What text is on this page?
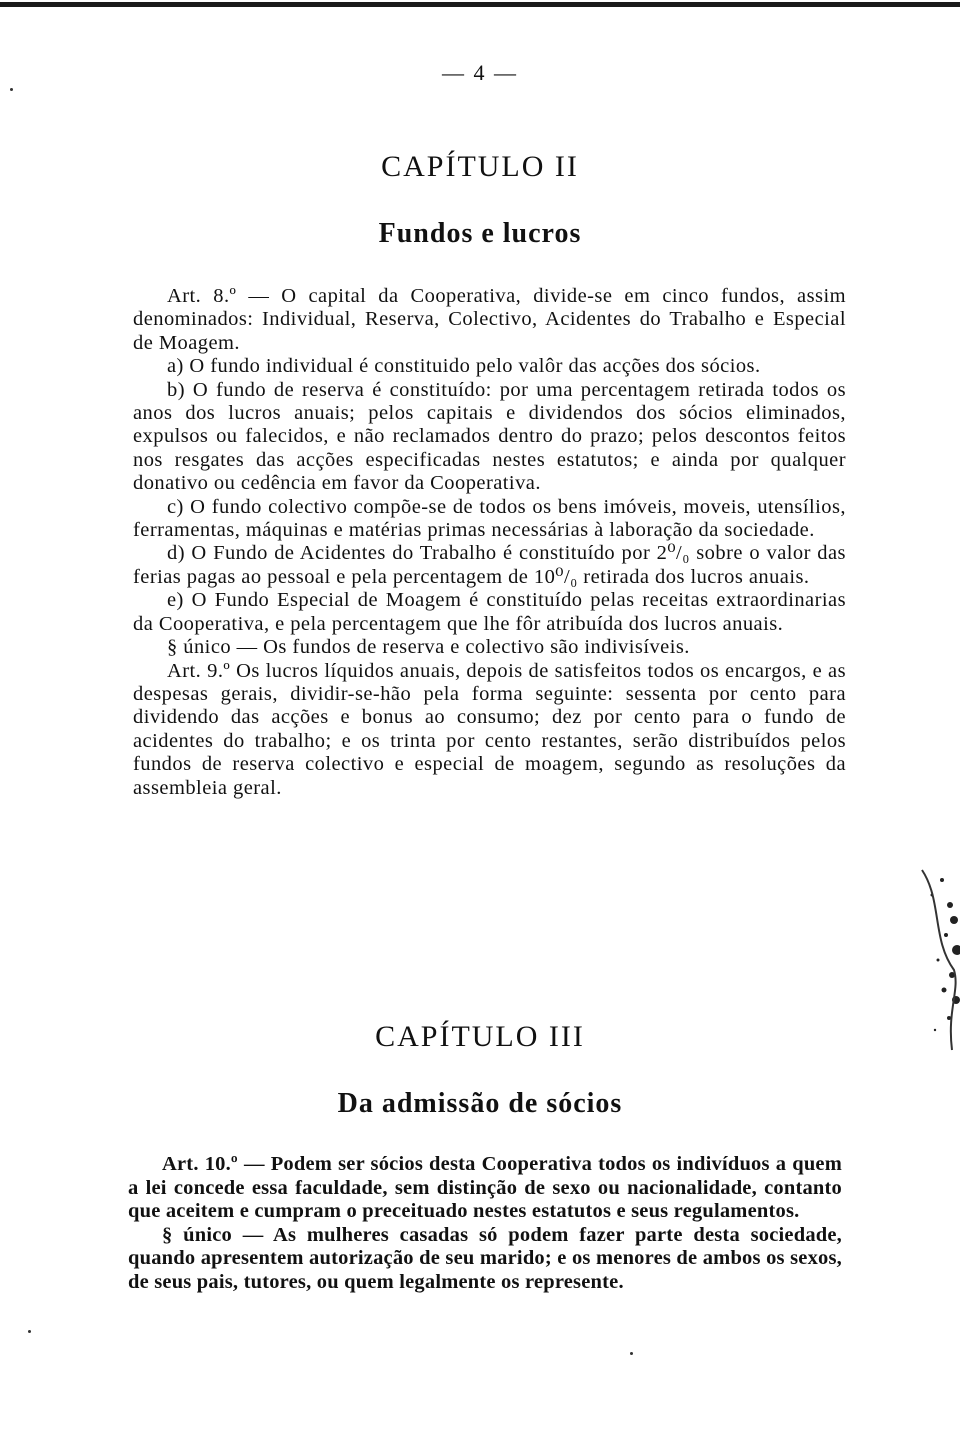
— 4 —
CAPÍTULO II
Fundos e lucros

Art. 8.º — O capital da Cooperativa, divide-se em cinco fundos, assim denominados: Individual, Reserva, Colectivo, Acidentes do Trabalho e Especial de Moagem.

a) O fundo individual é constituido pelo valôr das acções dos sócios.

b) O fundo de reserva é constituído: por uma percentagem retirada todos os anos dos lucros anuais; pelos capitais e dividendos dos sócios eliminados, expulsos ou falecidos, e não reclamados dentro do prazo; pelos descontos feitos nos resgates das acções especificadas nestes estatutos; e ainda por qualquer donativo ou cedência em favor da Cooperativa.

c) O fundo colectivo compõe-se de todos os bens imóveis, moveis, utensílios, ferramentas, máquinas e matérias primas necessárias à laboração da sociedade.

d) O Fundo de Acidentes do Trabalho é constituído por 2⁰/₀ sobre o valor das ferias pagas ao pessoal e pela percentagem de 10⁰/₀ retirada dos lucros anuais.

e) O Fundo Especial de Moagem é constituído pelas receitas extraordinarias da Cooperativa, e pela percentagem que lhe fôr atribuída dos lucros anuais.

§ único — Os fundos de reserva e colectivo são indivisíveis.

Art. 9.º Os lucros líquidos anuais, depois de satisfeitos todos os encargos, e as despesas gerais, dividir-se-hão pela forma seguinte: sessenta por cento para dividendo das acções e bonus ao consumo; dez por cento para o fundo de acidentes do trabalho; e os trinta por cento restantes, serão distribuídos pelos fundos de reserva colectivo e especial de moagem, segundo as resoluções da assembleia geral.

CAPÍTULO III
Da admissão de sócios

Art. 10.º — Podem ser sócios desta Cooperativa todos os indivíduos a quem a lei concede essa faculdade, sem distinção de sexo ou nacionalidade, contanto que aceitem e cumpram o preceituado nestes estatutos e seus regulamentos.

§ único — As mulheres casadas só podem fazer parte desta sociedade, quando apresentem autorização de seu marido; e os menores de ambos os sexos, de seus pais, tutores, ou quem legalmente os represente.
